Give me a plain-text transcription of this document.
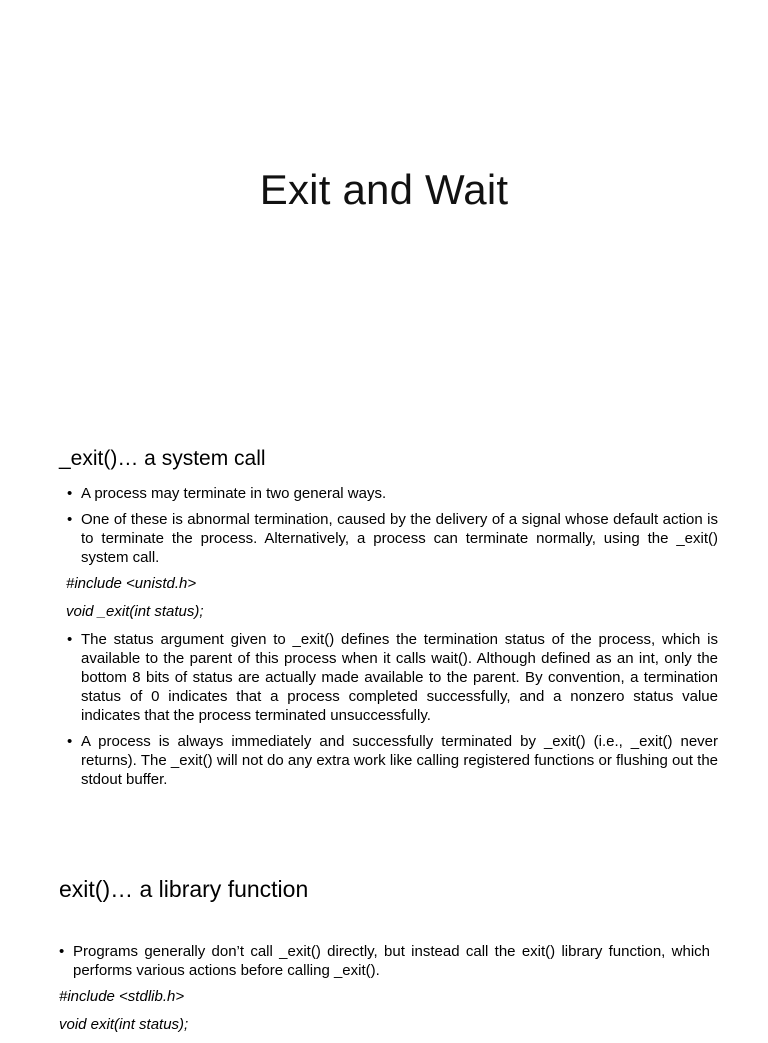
Exit and Wait
_exit()… a system call
• A process may terminate in two general ways.
• One of these is abnormal termination, caused by the delivery of a signal whose default action is to terminate the process. Alternatively, a process can terminate normally, using the _exit() system call.
#include <unistd.h>
void _exit(int status);
• The status argument given to _exit() defines the termination status of the process, which is available to the parent of this process when it calls wait(). Although defined as an int, only the bottom 8 bits of status are actually made available to the parent. By convention, a termination status of 0 indicates that a process completed successfully, and a nonzero status value indicates that the process terminated unsuccessfully.
• A process is always immediately and successfully terminated by _exit() (i.e., _exit() never returns). The _exit() will not do any extra work like calling registered functions or flushing out the stdout buffer.
exit()… a library function
• Programs generally don’t call _exit() directly, but instead call the exit() library function, which performs various actions before calling _exit().
#include <stdlib.h>
void exit(int status);
